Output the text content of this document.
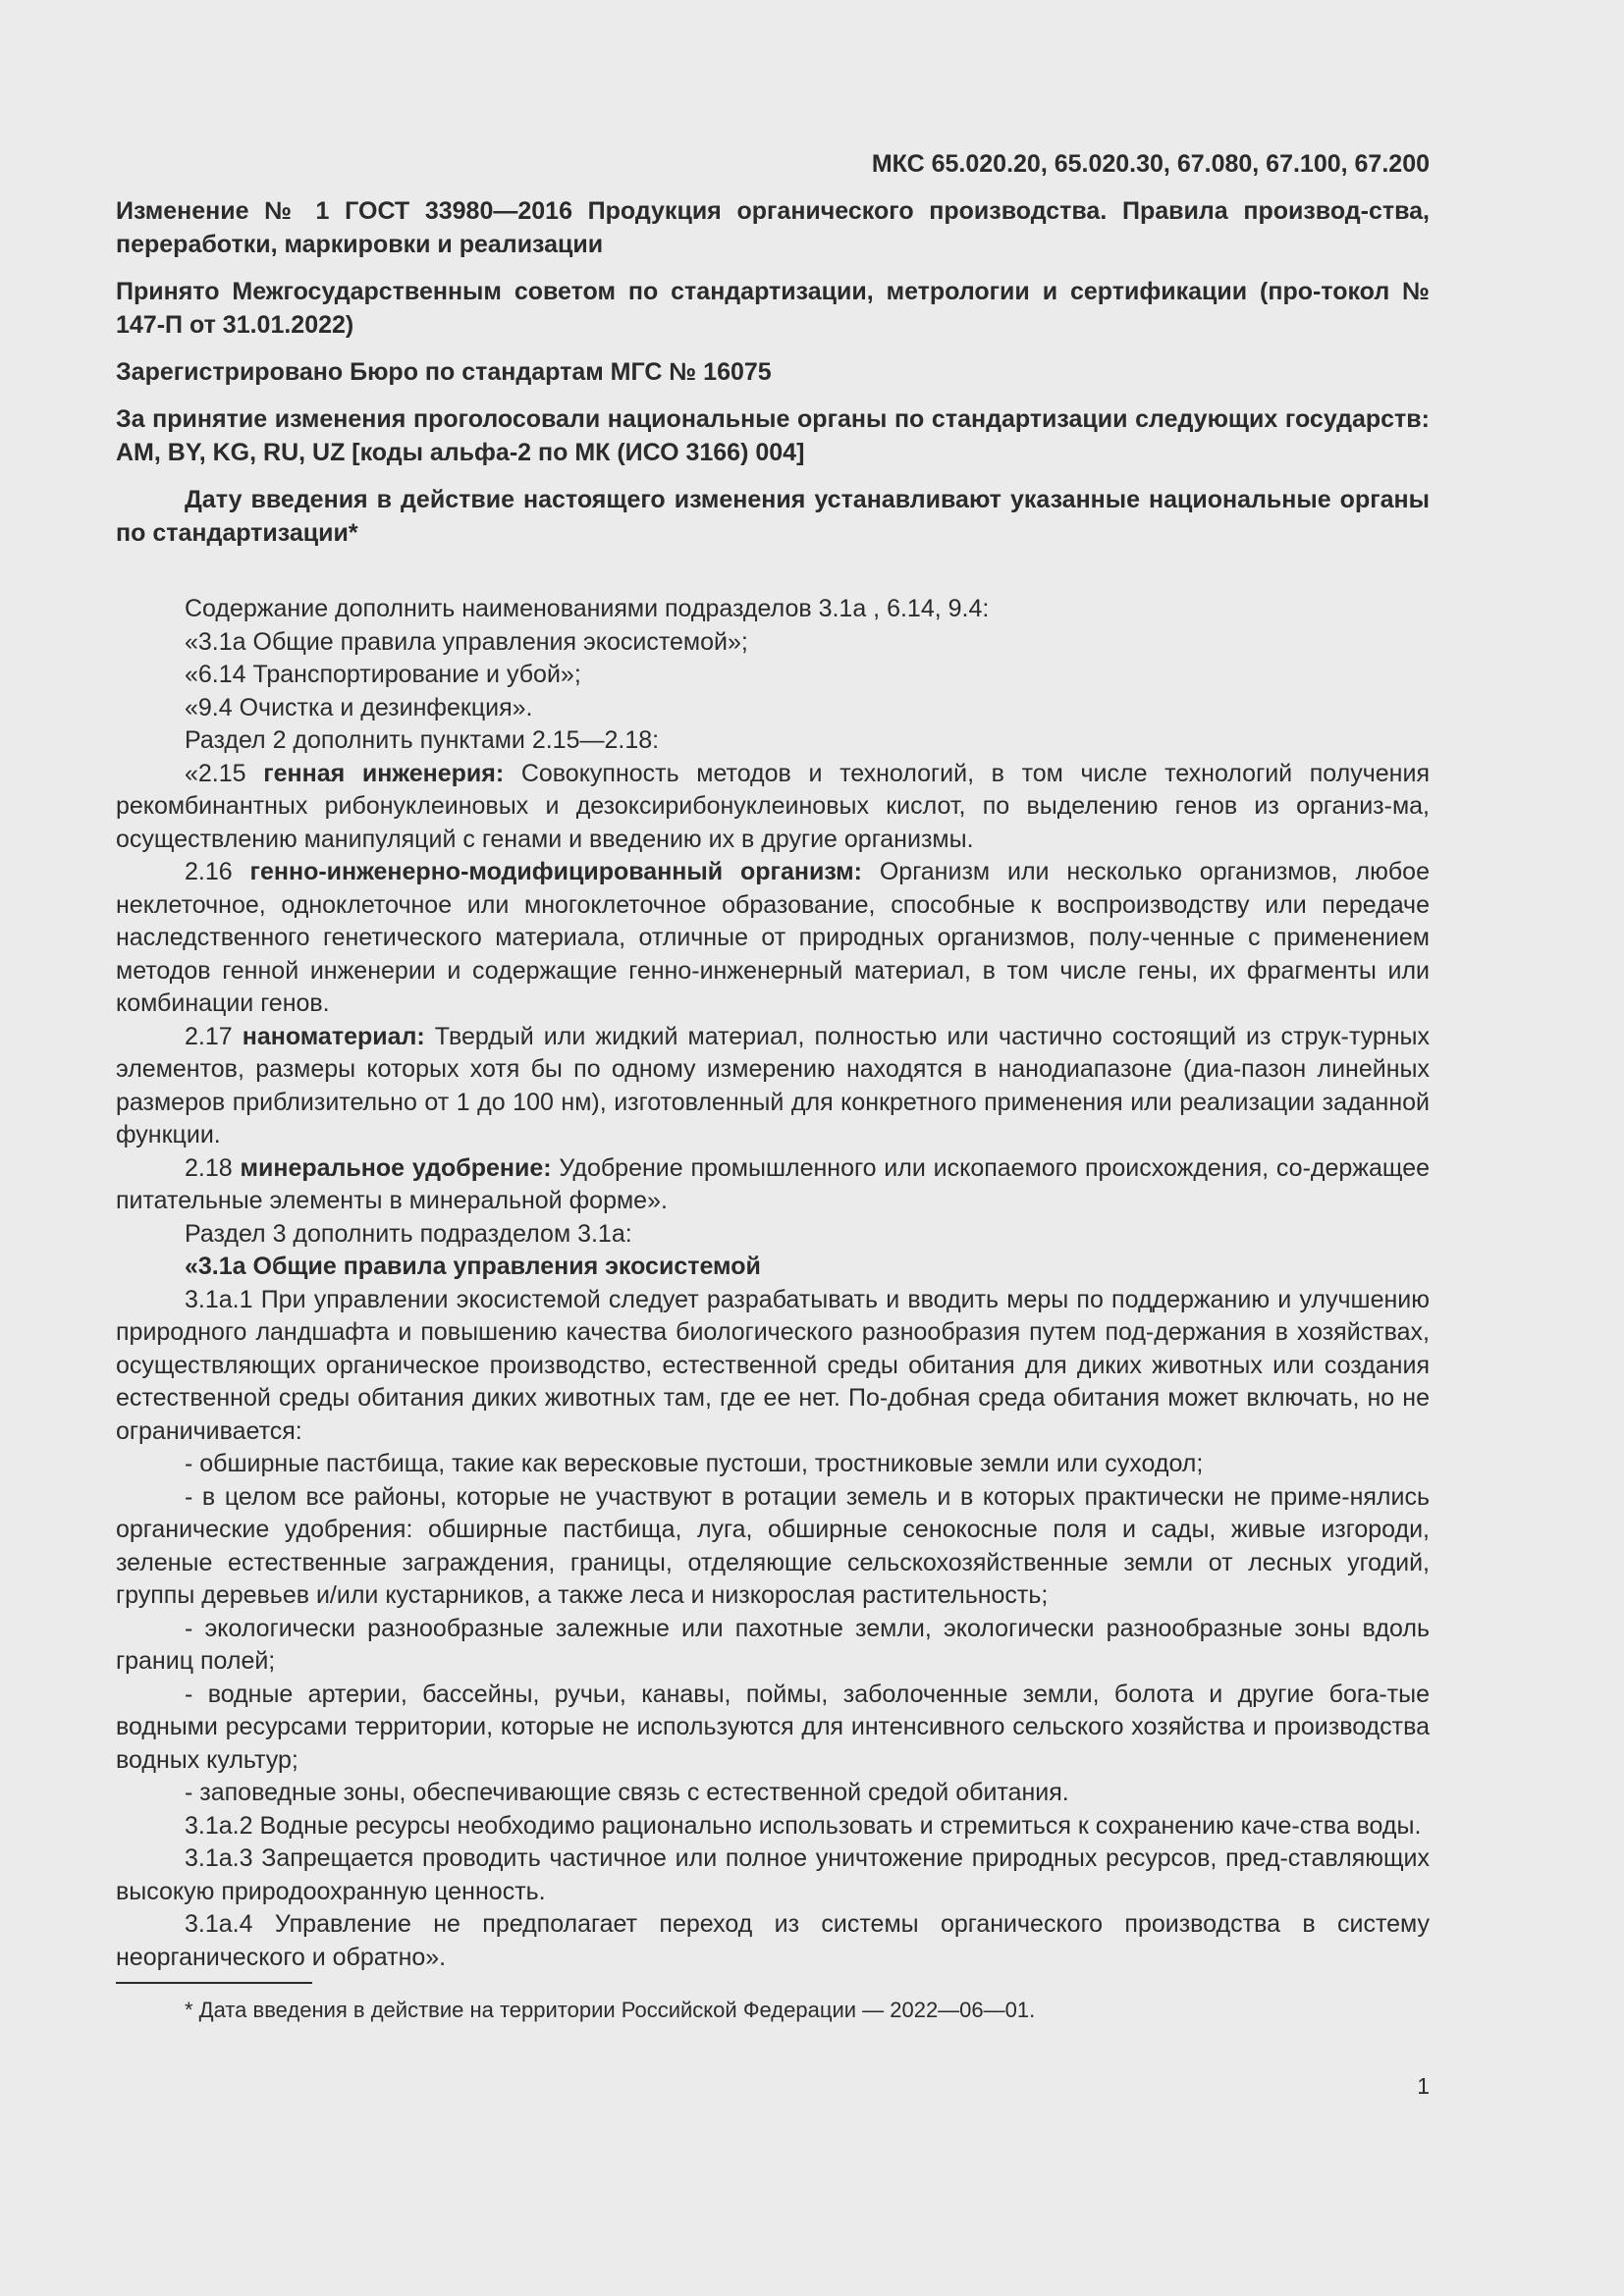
МКС 65.020.20, 65.020.30, 67.080, 67.100, 67.200
Изменение № 1 ГОСТ 33980—2016 Продукция органического производства. Правила производ-ства, переработки, маркировки и реализации
Принято Межгосударственным советом по стандартизации, метрологии и сертификации (про-токол № 147-П от 31.01.2022)
Зарегистрировано Бюро по стандартам МГС № 16075
За принятие изменения проголосовали национальные органы по стандартизации следующих государств: AM, BY, KG, RU, UZ [коды альфа-2 по МК (ИСО 3166) 004]
Дату введения в действие настоящего изменения устанавливают указанные национальные органы по стандартизации*

Содержание дополнить наименованиями подразделов 3.1а , 6.14, 9.4:

«3.1а Общие правила управления экосистемой»;

«6.14 Транспортирование и убой»;

«9.4 Очистка и дезинфекция».

Раздел 2 дополнить пунктами 2.15—2.18:

«2.15 генная инженерия: Совокупность методов и технологий, в том числе технологий получения рекомбинантных рибонуклеиновых и дезоксирибонуклеиновых кислот, по выделению генов из организ-ма, осуществлению манипуляций с генами и введению их в другие организмы.

2.16 генно-инженерно-модифицированный организм: Организм или несколько организмов, любое неклеточное, одноклеточное или многоклеточное образование, способные к воспроизводству или передаче наследственного генетического материала, отличные от природных организмов, полу-ченные с применением методов генной инженерии и содержащие генно-инженерный материал, в том числе гены, их фрагменты или комбинации генов.

2.17 наноматериал: Твердый или жидкий материал, полностью или частично состоящий из струк-турных элементов, размеры которых хотя бы по одному измерению находятся в нанодиапазоне (диа-пазон линейных размеров приблизительно от 1 до 100 нм), изготовленный для конкретного применения или реализации заданной функции.

2.18 минеральное удобрение: Удобрение промышленного или ископаемого происхождения, со-держащее питательные элементы в минеральной форме».

Раздел 3 дополнить подразделом 3.1а:

«3.1а Общие правила управления экосистемой

3.1а.1 При управлении экосистемой следует разрабатывать и вводить меры по поддержанию и улучшению природного ландшафта и повышению качества биологического разнообразия путем под-держания в хозяйствах, осуществляющих органическое производство, естественной среды обитания для диких животных или создания естественной среды обитания диких животных там, где ее нет. По-добная среда обитания может включать, но не ограничивается:

- обширные пастбища, такие как вересковые пустоши, тростниковые земли или суходол;

- в целом все районы, которые не участвуют в ротации земель и в которых практически не приме-нялись органические удобрения: обширные пастбища, луга, обширные сенокосные поля и сады, живые изгороди, зеленые естественные заграждения, границы, отделяющие сельскохозяйственные земли от лесных угодий, группы деревьев и/или кустарников, а также леса и низкорослая растительность;

- экологически разнообразные залежные или пахотные земли, экологически разнообразные зоны вдоль границ полей;

- водные артерии, бассейны, ручьи, канавы, поймы, заболоченные земли, болота и другие бога-тые водными ресурсами территории, которые не используются для интенсивного сельского хозяйства и производства водных культур;

- заповедные зоны, обеспечивающие связь с естественной средой обитания.

3.1а.2 Водные ресурсы необходимо рационально использовать и стремиться к сохранению каче-ства воды.

3.1а.3 Запрещается проводить частичное или полное уничтожение природных ресурсов, пред-ставляющих высокую природоохранную ценность.

3.1а.4 Управление не предполагает переход из системы органического производства в систему неорганического и обратно».

* Дата введения в действие на территории Российской Федерации — 2022—06—01.

1
